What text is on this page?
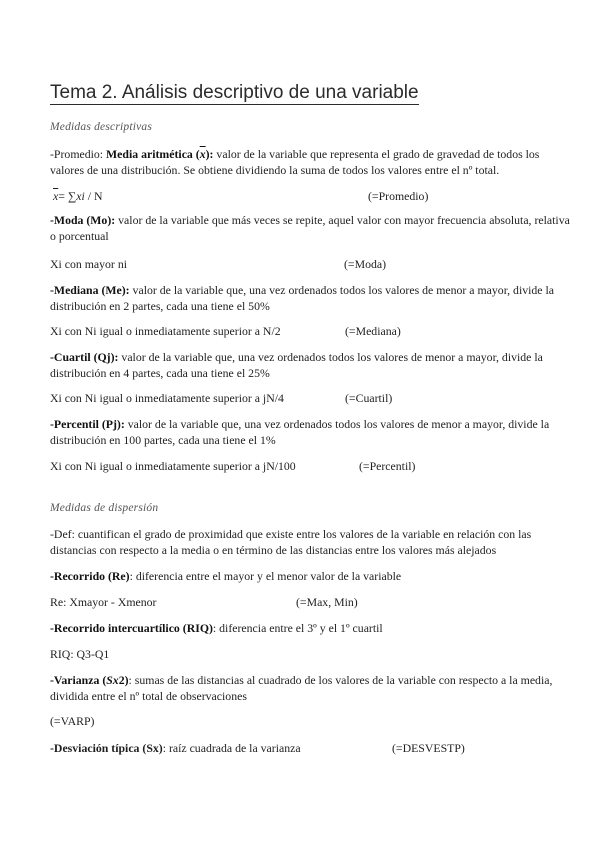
Tema 2. Análisis descriptivo de una variable
Medidas descriptivas
-Promedio: Media aritmética $(\overline{x})$: valor de la variable que representa el grado de gravedad de todos los valores de una distribución. Se obtiene dividiendo la suma de todos los valores entre el nº total.
$\overline{x}= \sum xi / N$	(=Promedio)
-Moda (Mo): valor de la variable que más veces se repite, aquel valor con mayor frecuencia absoluta, relativa o porcentual
Xi con mayor ni	(=Moda)
-Mediana (Me): valor de la variable que, una vez ordenados todos los valores de menor a mayor, divide la distribución en 2 partes, cada una tiene el 50%
Xi con Ni igual o inmediatamente superior a N/2	(=Mediana)
-Cuartil (Qj): valor de la variable que, una vez ordenados todos los valores de menor a mayor, divide la distribución en 4 partes, cada una tiene el 25%
Xi con Ni igual o inmediatamente superior a jN/4	(=Cuartil)
-Percentil (Pj): valor de la variable que, una vez ordenados todos los valores de menor a mayor, divide la distribución en 100 partes, cada una tiene el 1%
Xi con Ni igual o inmediatamente superior a jN/100	(=Percentil)
Medidas de dispersión
-Def: cuantifican el grado de proximidad que existe entre los valores de la variable en relación con las distancias con respecto a la media o en término de las distancias entre los valores más alejados
-Recorrido (Re): diferencia entre el mayor y el menor valor de la variable
Re: Xmayor - Xmenor	(=Max, Min)
-Recorrido intercuartílico (RIQ): diferencia entre el 3º y el 1º cuartil
RIQ: Q3-Q1
-Varianza (Sx2): sumas de las distancias al cuadrado de los valores de la variable con respecto a la media, dividida entre el nº total de observaciones
(=VARP)
-Desviación típica (Sx): raíz cuadrada de la varianza	(=DESVESTP)
